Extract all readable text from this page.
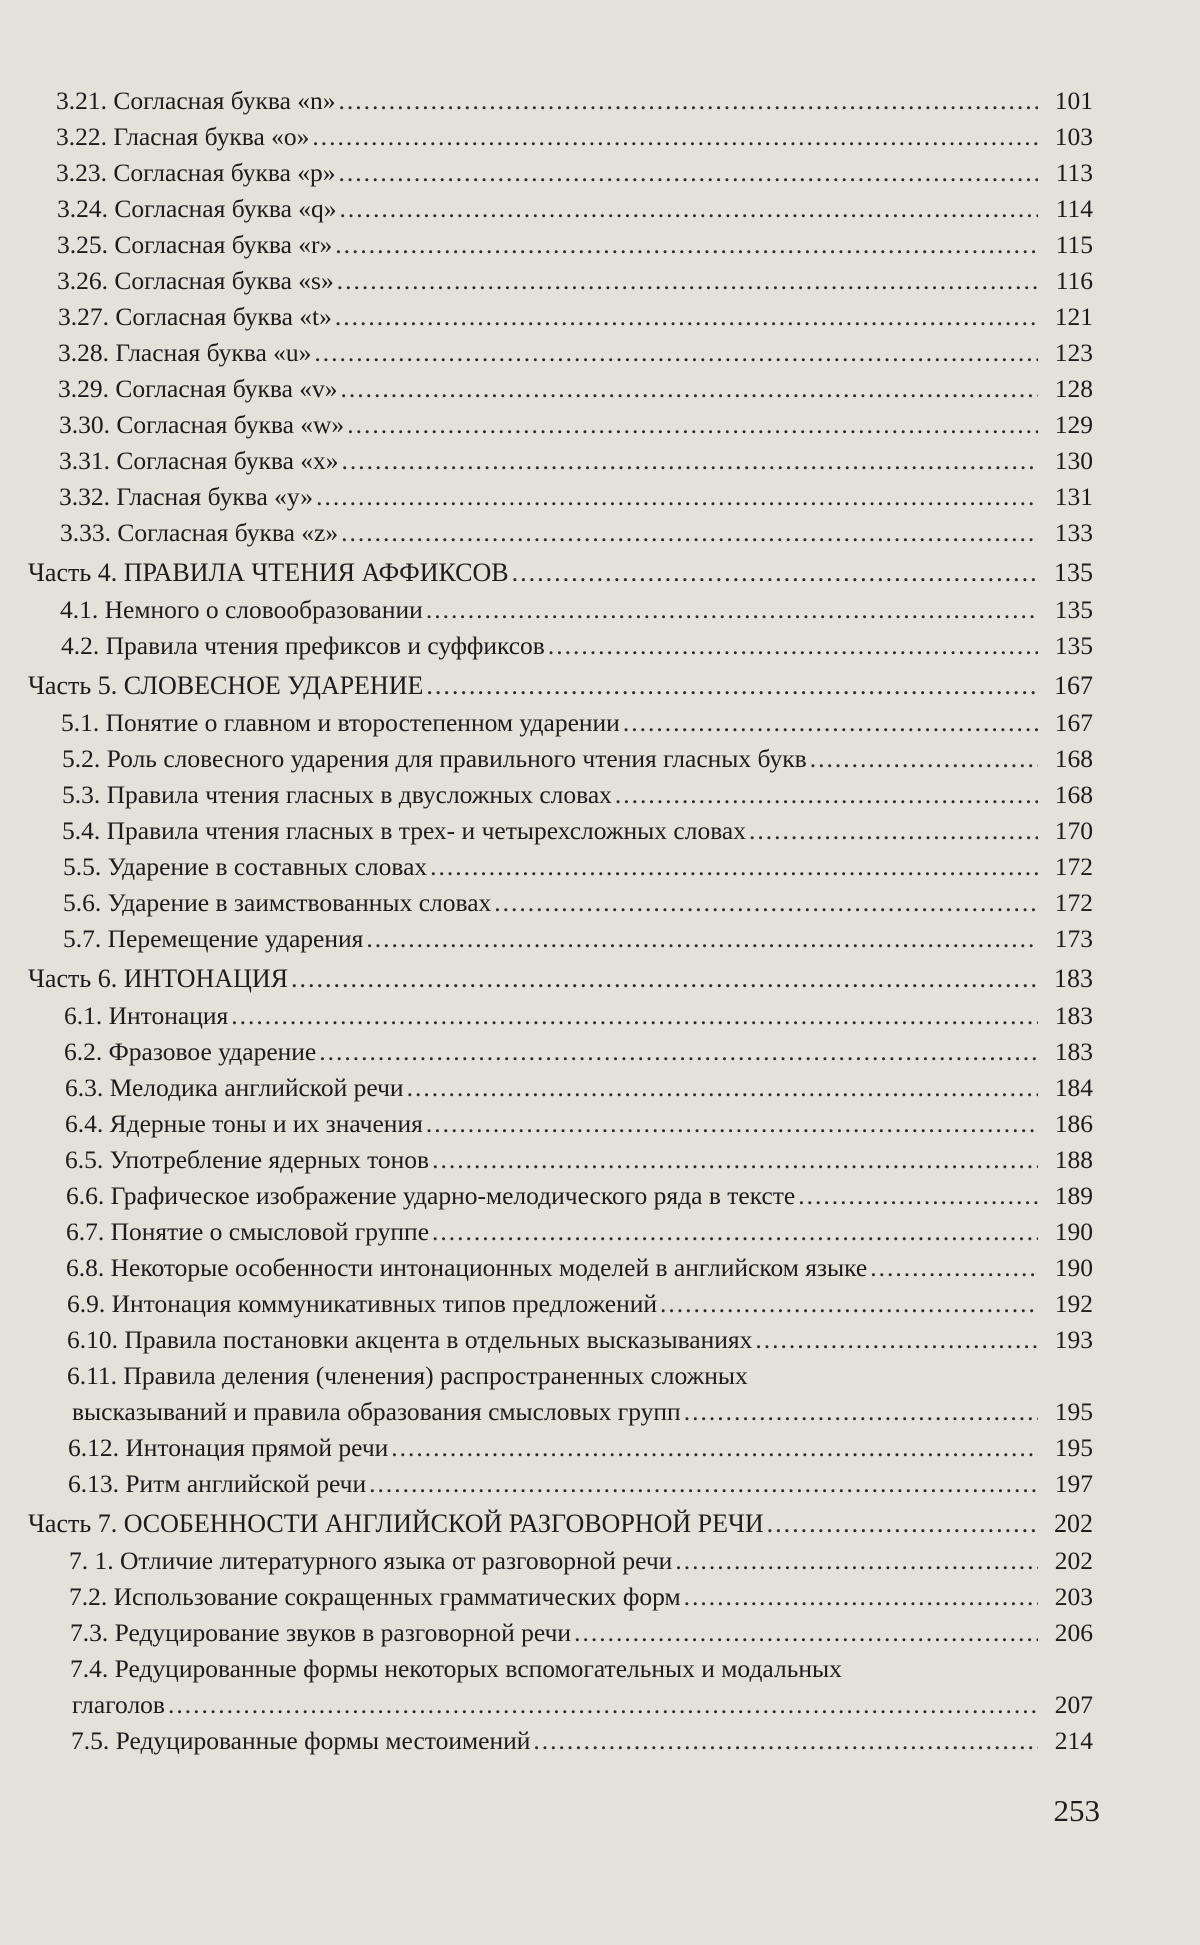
3.21. Согласная буква «n» .....	101
3.22. Гласная буква «о» .....	103
3.23. Согласная буква «р» .....	113
3.24. Согласная буква «q» .....	114
3.25. Согласная буква «r» .....	115
3.26. Согласная буква «s» .....	116
3.27. Согласная буква «t» .....	121
3.28. Гласная буква «u» .....	123
3.29. Согласная буква «v» .....	128
3.30. Согласная буква «w» .....	129
3.31. Согласная буква «х» .....	130
3.32. Гласная буква «у» .....	131
3.33. Согласная буква «z» .....	133
Часть 4. ПРАВИЛА ЧТЕНИЯ АФФИКСОВ .....	135
4.1. Немного о словообразовании .....	135
4.2. Правила чтения префиксов и суффиксов .....	135
Часть 5. СЛОВЕСНОЕ УДАРЕНИЕ .....	167
5.1. Понятие о главном и второстепенном ударении .....	167
5.2. Роль словесного ударения для правильного чтения гласных букв .....	168
5.3. Правила чтения гласных в двусложных словах .....	168
5.4. Правила чтения гласных в трех- и четырехсложных словах .....	170
5.5. Ударение в составных словах .....	172
5.6. Ударение в заимствованных словах .....	172
5.7. Перемещение ударения .....	173
Часть 6. ИНТОНАЦИЯ .....	183
6.1. Интонация .....	183
6.2. Фразовое ударение .....	183
6.3. Мелодика английской речи .....	184
6.4. Ядерные тоны и их значения .....	186
6.5. Употребление ядерных тонов .....	188
6.6. Графическое изображение ударно-мелодического ряда в тексте .....	189
6.7. Понятие о смысловой группе .....	190
6.8. Некоторые особенности интонационных моделей в английском языке .....	190
6.9. Интонация коммуникативных типов предложений .....	192
6.10. Правила постановки акцента в отдельных высказываниях .....	193
6.11. Правила деления (членения) распространенных сложных
высказываний и правила образования смысловых групп .....	195
6.12. Интонация прямой речи .....	195
6.13. Ритм английской речи .....	197
Часть 7. ОСОБЕННОСТИ АНГЛИЙСКОЙ РАЗГОВОРНОЙ РЕЧИ .....	202
7. 1. Отличие литературного языка от разговорной речи .....	202
7.2. Использование сокращенных грамматических форм .....	203
7.3. Редуцирование звуков в разговорной речи .....	206
7.4. Редуцированные формы некоторых вспомогательных и модальных
глаголов .....	207
7.5. Редуцированные формы местоимений .....	214
253
